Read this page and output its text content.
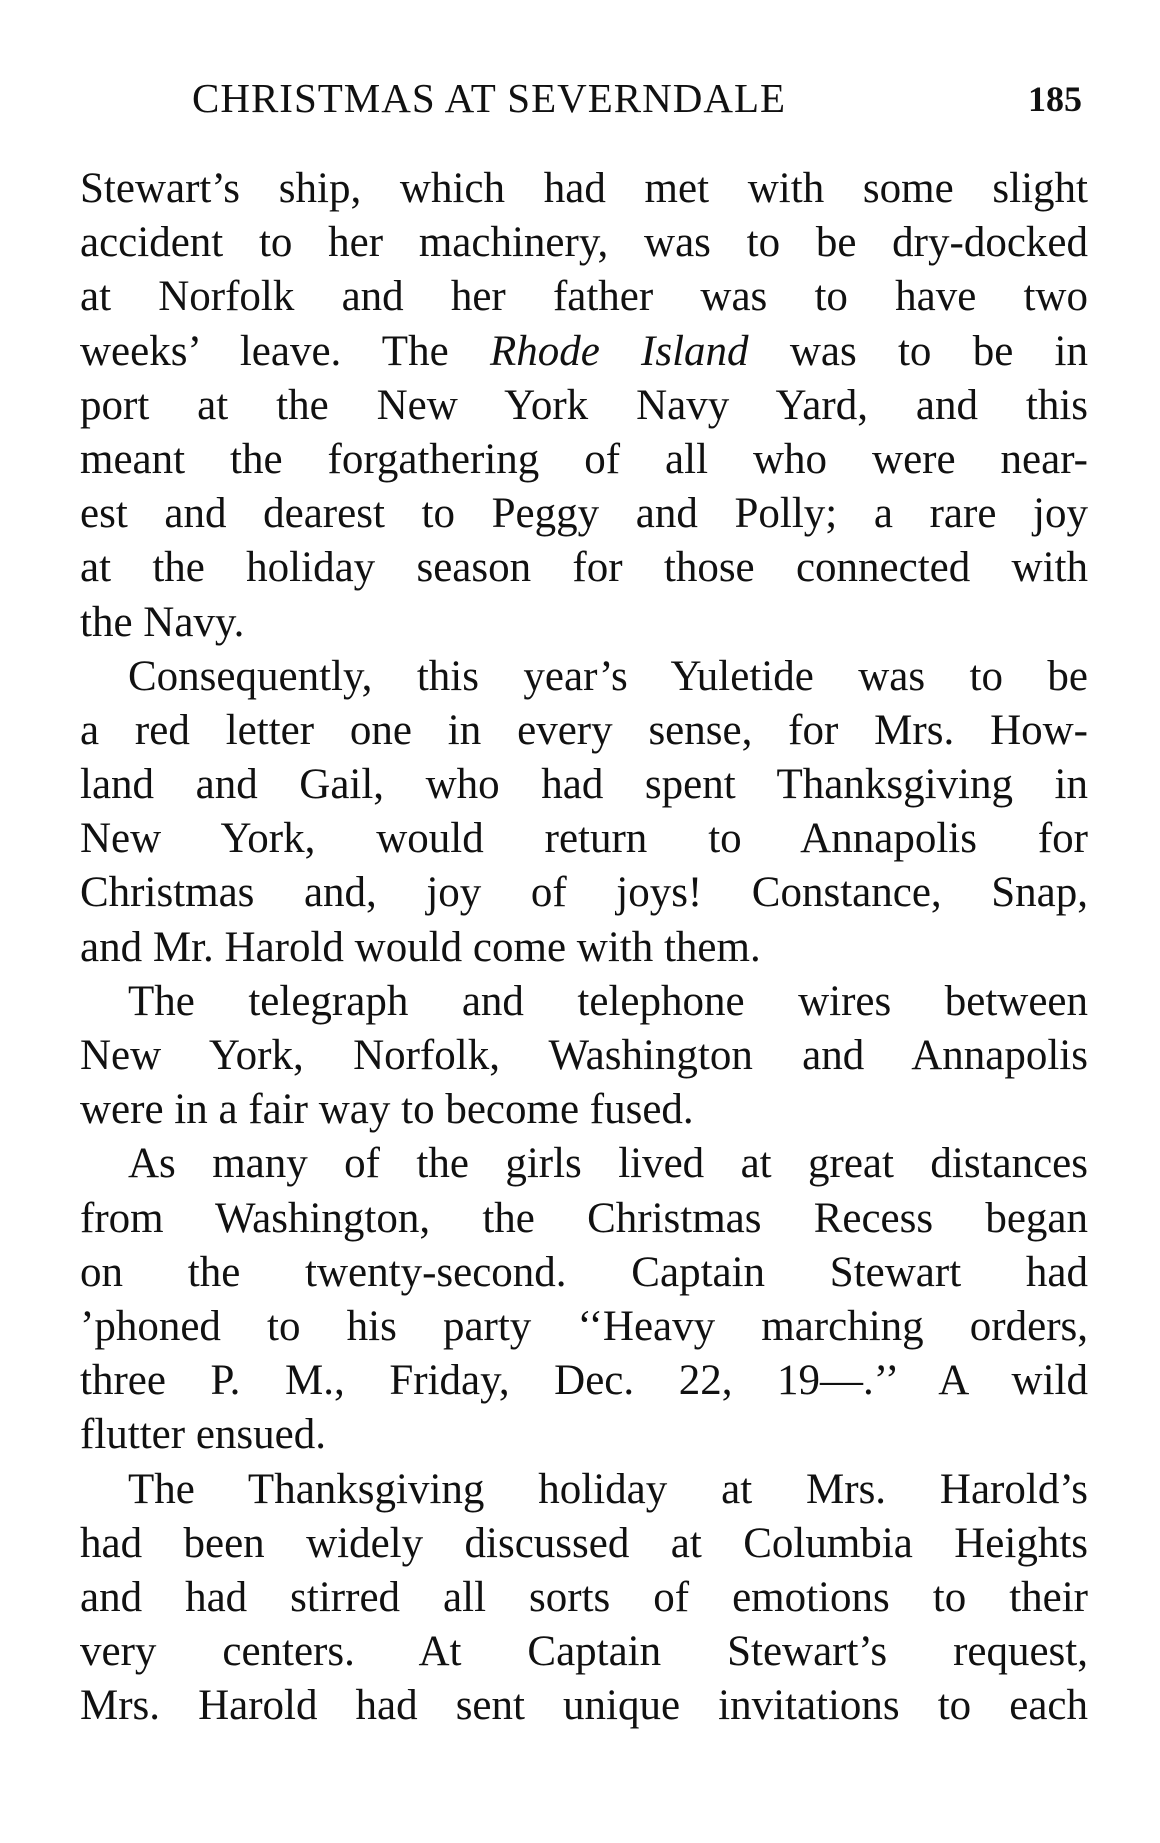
CHRISTMAS AT SEVERNDALE	185
Stewart’s ship, which had met with some slight
accident to her machinery, was to be dry-docked
at Norfolk and her father was to have two
weeks’ leave. The Rhode Island was to be in
port at the New York Navy Yard, and this
meant the forgathering of all who were near-
est and dearest to Peggy and Polly; a rare joy
at the holiday season for those connected with
the Navy.
Consequently, this year’s Yuletide was to be
a red letter one in every sense, for Mrs. How-
land and Gail, who had spent Thanksgiving in
New York, would return to Annapolis for
Christmas and, joy of joys! Constance, Snap,
and Mr. Harold would come with them.
The telegraph and telephone wires between
New York, Norfolk, Washington and Annapolis
were in a fair way to become fused.
As many of the girls lived at great distances
from Washington, the Christmas Recess began
on the twenty-second. Captain Stewart had
’phoned to his party ‘‘Heavy marching orders,
three P. M., Friday, Dec. 22, 19—.’’ A wild
flutter ensued.
The Thanksgiving holiday at Mrs. Harold’s
had been widely discussed at Columbia Heights
and had stirred all sorts of emotions to their
very centers. At Captain Stewart’s request,
Mrs. Harold had sent unique invitations to each
